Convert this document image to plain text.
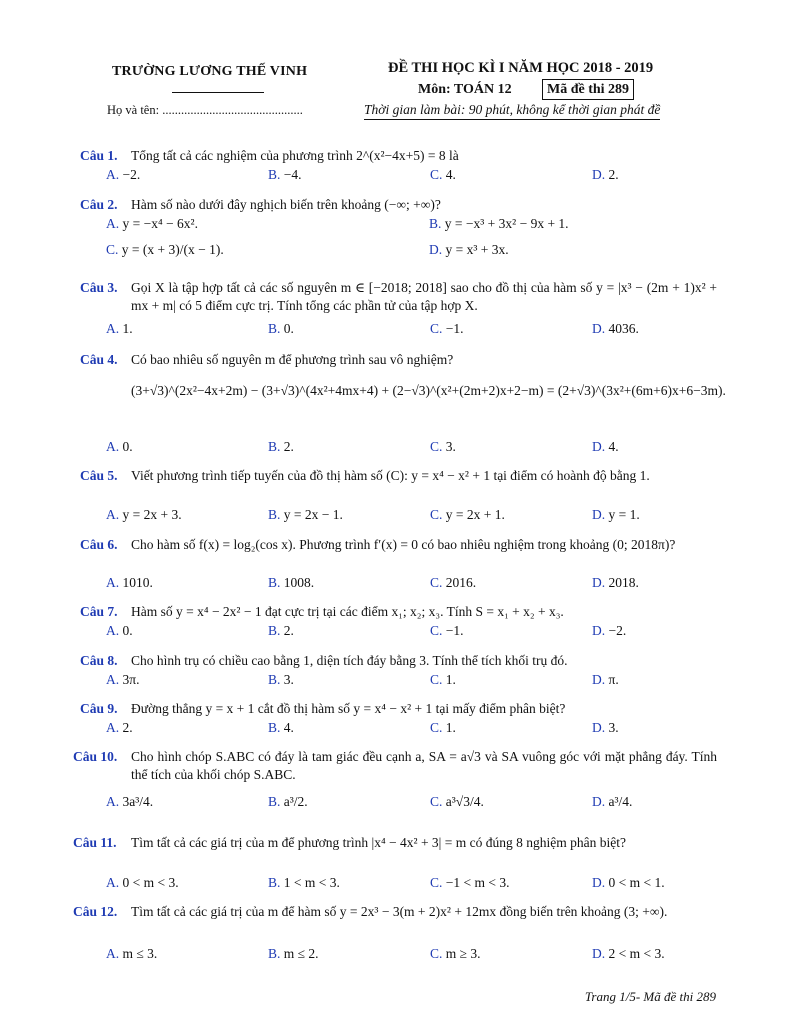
TRƯỜNG LƯƠNG THẾ VINH
Họ và tên: .............................................
ĐỀ THI HỌC KÌ I NĂM HỌC 2018 - 2019
Môn: TOÁN 12	Mã đề thi 289
Thời gian làm bài: 90 phút, không kể thời gian phát đề
Câu 1. Tổng tất cả các nghiệm của phương trình 2^(x²−4x+5) = 8 là
A. −2.	B. −4.	C. 4.	D. 2.
Câu 2. Hàm số nào dưới đây nghịch biến trên khoảng (−∞; +∞)?
A. y = −x⁴ − 6x².	B. y = −x³ + 3x² − 9x + 1.
C. y = (x + 3)/(x − 1).	D. y = x³ + 3x.
Câu 3. Gọi X là tập hợp tất cả các số nguyên m ∈ [−2018; 2018] sao cho đồ thị của hàm số y = |x³ − (2m + 1)x² + mx + m| có 5 điểm cực trị. Tính tổng các phần tử của tập hợp X.
A. 1.	B. 0.	C. −1.	D. 4036.
Câu 4. Có bao nhiêu số nguyên m để phương trình sau vô nghiệm?
(3+√3)^(2x²−4x+2m) − (3+√3)^(4x²+4mx+4) + (2−√3)^(x²+(2m+2)x+2−m) = (2+√3)^(3x²+(6m+6)x+6−3m).
A. 0.	B. 2.	C. 3.	D. 4.
Câu 5. Viết phương trình tiếp tuyến của đồ thị hàm số (C): y = x⁴ − x² + 1 tại điểm có hoành độ bằng 1.
A. y = 2x + 3.	B. y = 2x − 1.	C. y = 2x + 1.	D. y = 1.
Câu 6. Cho hàm số f(x) = log₂(cos x). Phương trình f′(x) = 0 có bao nhiêu nghiệm trong khoảng (0; 2018π)?
A. 1010.	B. 1008.	C. 2016.	D. 2018.
Câu 7. Hàm số y = x⁴ − 2x² − 1 đạt cực trị tại các điểm x₁; x₂; x₃. Tính S = x₁ + x₂ + x₃.
A. 0.	B. 2.	C. −1.	D. −2.
Câu 8. Cho hình trụ có chiều cao bằng 1, diện tích đáy bằng 3. Tính thể tích khối trụ đó.
A. 3π.	B. 3.	C. 1.	D. π.
Câu 9. Đường thẳng y = x + 1 cắt đồ thị hàm số y = x⁴ − x² + 1 tại mấy điểm phân biệt?
A. 2.	B. 4.	C. 1.	D. 3.
Câu 10.	Cho hình chóp S.ABC có đáy là tam giác đều cạnh a, SA = a√3 và SA vuông góc với mặt phẳng đáy. Tính thể tích của khối chóp S.ABC.
A. 3a³/4.	B. a³/2.	C. a³√3/4.	D. a³/4.
Câu 11.	Tìm tất cả các giá trị của m để phương trình |x⁴ − 4x² + 3| = m có đúng 8 nghiệm phân biệt?
A. 0 < m < 3.	B. 1 < m < 3.	C. −1 < m < 3.	D. 0 < m < 1.
Câu 12.	Tìm tất cả các giá trị của m để hàm số y = 2x³ − 3(m + 2)x² + 12mx đồng biến trên khoảng (3; +∞).
A. m ≤ 3.	B. m ≤ 2.	C. m ≥ 3.	D. 2 < m < 3.
Trang 1/5- Mã đề thi 289
